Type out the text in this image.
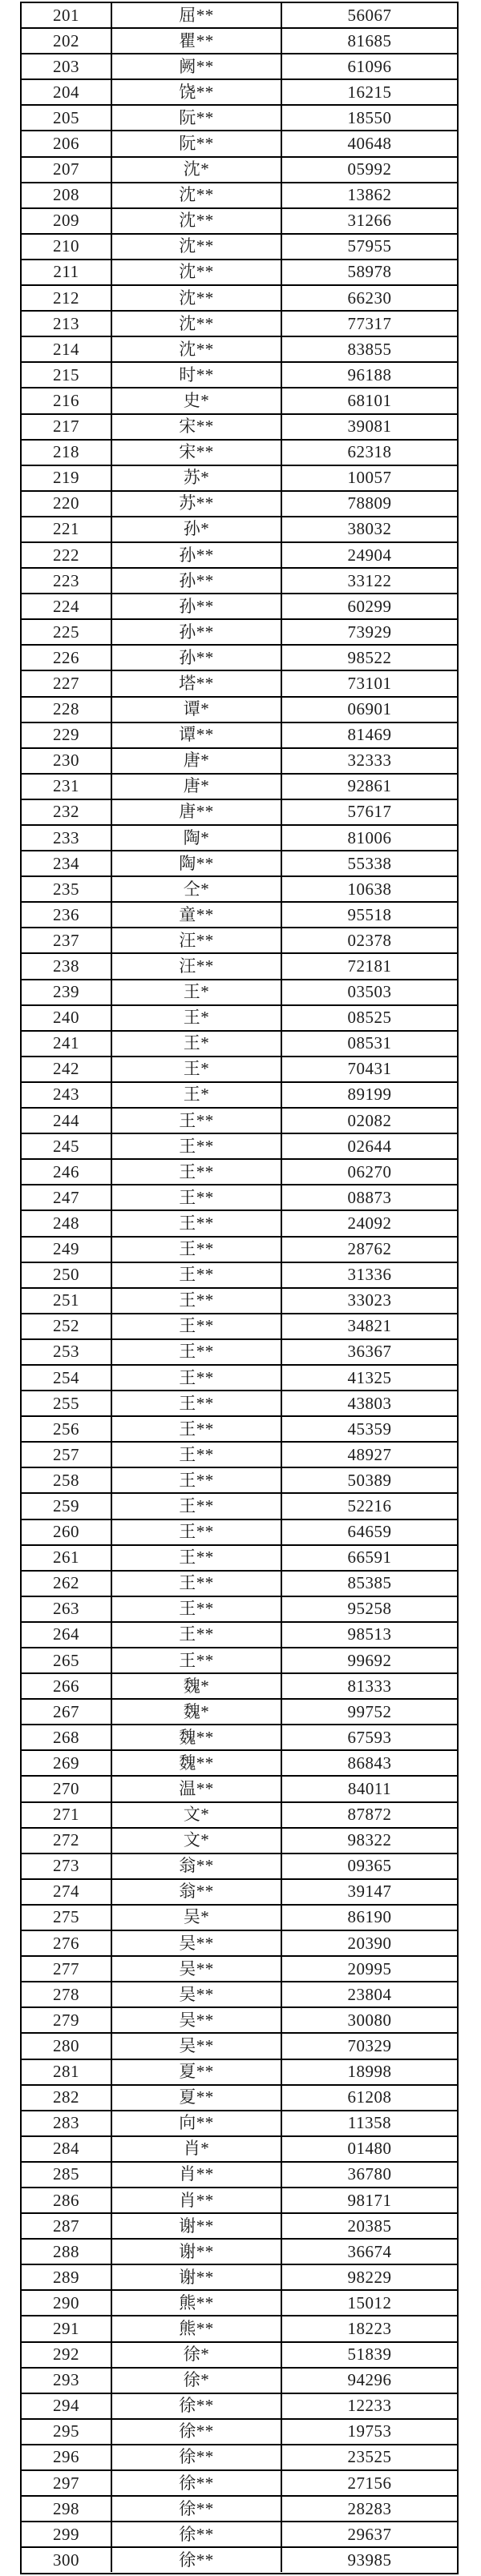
201	屈**	56067
202	瞿**	81685
203	阙**	61096
204	饶**	16215
205	阮**	18550
206	阮**	40648
207	沈*	05992
208	沈**	13862
209	沈**	31266
210	沈**	57955
211	沈**	58978
212	沈**	66230
213	沈**	77317
214	沈**	83855
215	时**	96188
216	史*	68101
217	宋**	39081
218	宋**	62318
219	苏*	10057
220	苏**	78809
221	孙*	38032
222	孙**	24904
223	孙**	33122
224	孙**	60299
225	孙**	73929
226	孙**	98522
227	塔**	73101
228	谭*	06901
229	谭**	81469
230	唐*	32333
231	唐*	92861
232	唐**	57617
233	陶*	81006
234	陶**	55338
235	仝*	10638
236	童**	95518
237	汪**	02378
238	汪**	72181
239	王*	03503
240	王*	08525
241	王*	08531
242	王*	70431
243	王*	89199
244	王**	02082
245	王**	02644
246	王**	06270
247	王**	08873
248	王**	24092
249	王**	28762
250	王**	31336
251	王**	33023
252	王**	34821
253	王**	36367
254	王**	41325
255	王**	43803
256	王**	45359
257	王**	48927
258	王**	50389
259	王**	52216
260	王**	64659
261	王**	66591
262	王**	85385
263	王**	95258
264	王**	98513
265	王**	99692
266	魏*	81333
267	魏*	99752
268	魏**	67593
269	魏**	86843
270	温**	84011
271	文*	87872
272	文*	98322
273	翁**	09365
274	翁**	39147
275	吴*	86190
276	吴**	20390
277	吴**	20995
278	吴**	23804
279	吴**	30080
280	吴**	70329
281	夏**	18998
282	夏**	61208
283	向**	11358
284	肖*	01480
285	肖**	36780
286	肖**	98171
287	谢**	20385
288	谢**	36674
289	谢**	98229
290	熊**	15012
291	熊**	18223
292	徐*	51839
293	徐*	94296
294	徐**	12233
295	徐**	19753
296	徐**	23525
297	徐**	27156
298	徐**	28283
299	徐**	29637
300	徐**	93985
